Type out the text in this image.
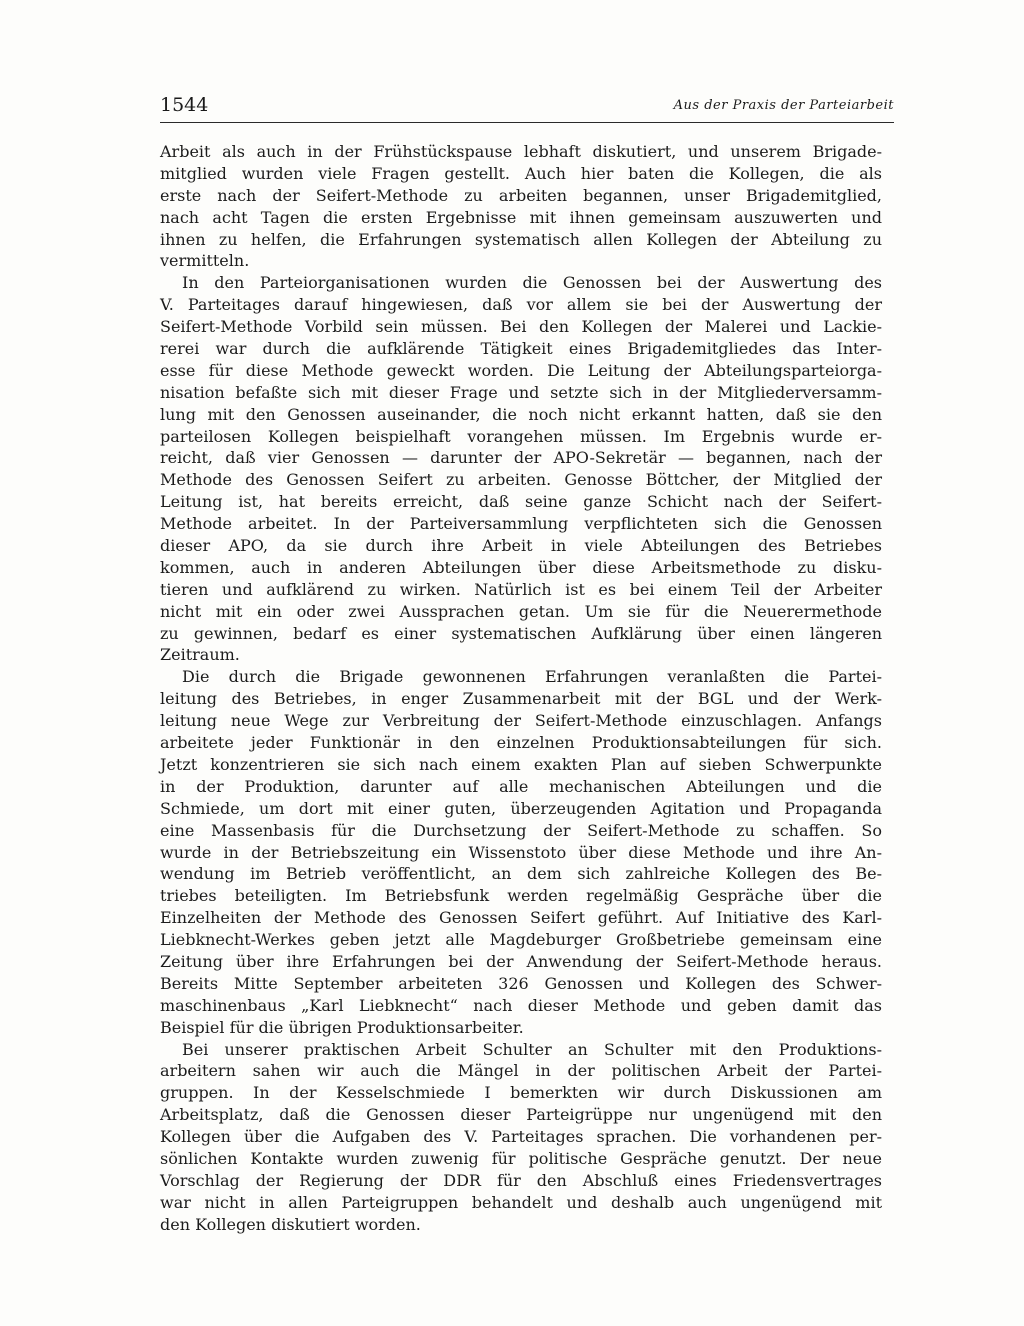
1544	Aus der Praxis der Parteiarbeit
Arbeit als auch in der Frühstückspause lebhaft diskutiert, und unserem Brigade-
mitglied wurden viele Fragen gestellt. Auch hier baten die Kollegen, die als
erste nach der Seifert-Methode zu arbeiten begannen, unser Brigademitglied,
nach acht Tagen die ersten Ergebnisse mit ihnen gemeinsam auszuwerten und
ihnen zu helfen, die Erfahrungen systematisch allen Kollegen der Abteilung zu
vermitteln.
In den Parteiorganisationen wurden die Genossen bei der Auswertung des
V. Parteitages darauf hingewiesen, daß vor allem sie bei der Auswertung der
Seifert-Methode Vorbild sein müssen. Bei den Kollegen der Malerei und Lackie-
rerei war durch die aufklärende Tätigkeit eines Brigademitgliedes das Inter-
esse für diese Methode geweckt worden. Die Leitung der Abteilungsparteiorga-
nisation befaßte sich mit dieser Frage und setzte sich in der Mitgliederversamm-
lung mit den Genossen auseinander, die noch nicht erkannt hatten, daß sie den
parteilosen Kollegen beispielhaft vorangehen müssen. Im Ergebnis wurde er-
reicht, daß vier Genossen — darunter der APO-Sekretär — begannen, nach der
Methode des Genossen Seifert zu arbeiten. Genosse Böttcher, der Mitglied der
Leitung ist, hat bereits erreicht, daß seine ganze Schicht nach der Seifert-
Methode arbeitet. In der Parteiversammlung verpflichteten sich die Genossen
dieser APO, da sie durch ihre Arbeit in viele Abteilungen des Betriebes
kommen, auch in anderen Abteilungen über diese Arbeitsmethode zu disku-
tieren und aufklärend zu wirken. Natürlich ist es bei einem Teil der Arbeiter
nicht mit ein oder zwei Aussprachen getan. Um sie für die Neuerermethode
zu gewinnen, bedarf es einer systematischen Aufklärung über einen längeren
Zeitraum.
Die durch die Brigade gewonnenen Erfahrungen veranlaßten die Partei-
leitung des Betriebes, in enger Zusammenarbeit mit der BGL und der Werk-
leitung neue Wege zur Verbreitung der Seifert-Methode einzuschlagen. Anfangs
arbeitete jeder Funktionär in den einzelnen Produktionsabteilungen für sich.
Jetzt konzentrieren sie sich nach einem exakten Plan auf sieben Schwerpunkte
in der Produktion, darunter auf alle mechanischen Abteilungen und die
Schmiede, um dort mit einer guten, überzeugenden Agitation und Propaganda
eine Massenbasis für die Durchsetzung der Seifert-Methode zu schaffen. So
wurde in der Betriebszeitung ein Wissenstoto über diese Methode und ihre An-
wendung im Betrieb veröffentlicht, an dem sich zahlreiche Kollegen des Be-
triebes beteiligten. Im Betriebsfunk werden regelmäßig Gespräche über die
Einzelheiten der Methode des Genossen Seifert geführt. Auf Initiative des Karl-
Liebknecht-Werkes geben jetzt alle Magdeburger Großbetriebe gemeinsam eine
Zeitung über ihre Erfahrungen bei der Anwendung der Seifert-Methode heraus.
Bereits Mitte September arbeiteten 326 Genossen und Kollegen des Schwer-
maschinenbaus „Karl Liebknecht“ nach dieser Methode und geben damit das
Beispiel für die übrigen Produktionsarbeiter.
Bei unserer praktischen Arbeit Schulter an Schulter mit den Produktions-
arbeitern sahen wir auch die Mängel in der politischen Arbeit der Partei-
gruppen. In der Kesselschmiede I bemerkten wir durch Diskussionen am
Arbeitsplatz, daß die Genossen dieser Parteigrüppe nur ungenügend mit den
Kollegen über die Aufgaben des V. Parteitages sprachen. Die vorhandenen per-
sönlichen Kontakte wurden zuwenig für politische Gespräche genutzt. Der neue
Vorschlag der Regierung der DDR für den Abschluß eines Friedensvertrages
war nicht in allen Parteigruppen behandelt und deshalb auch ungenügend mit
den Kollegen diskutiert worden.
